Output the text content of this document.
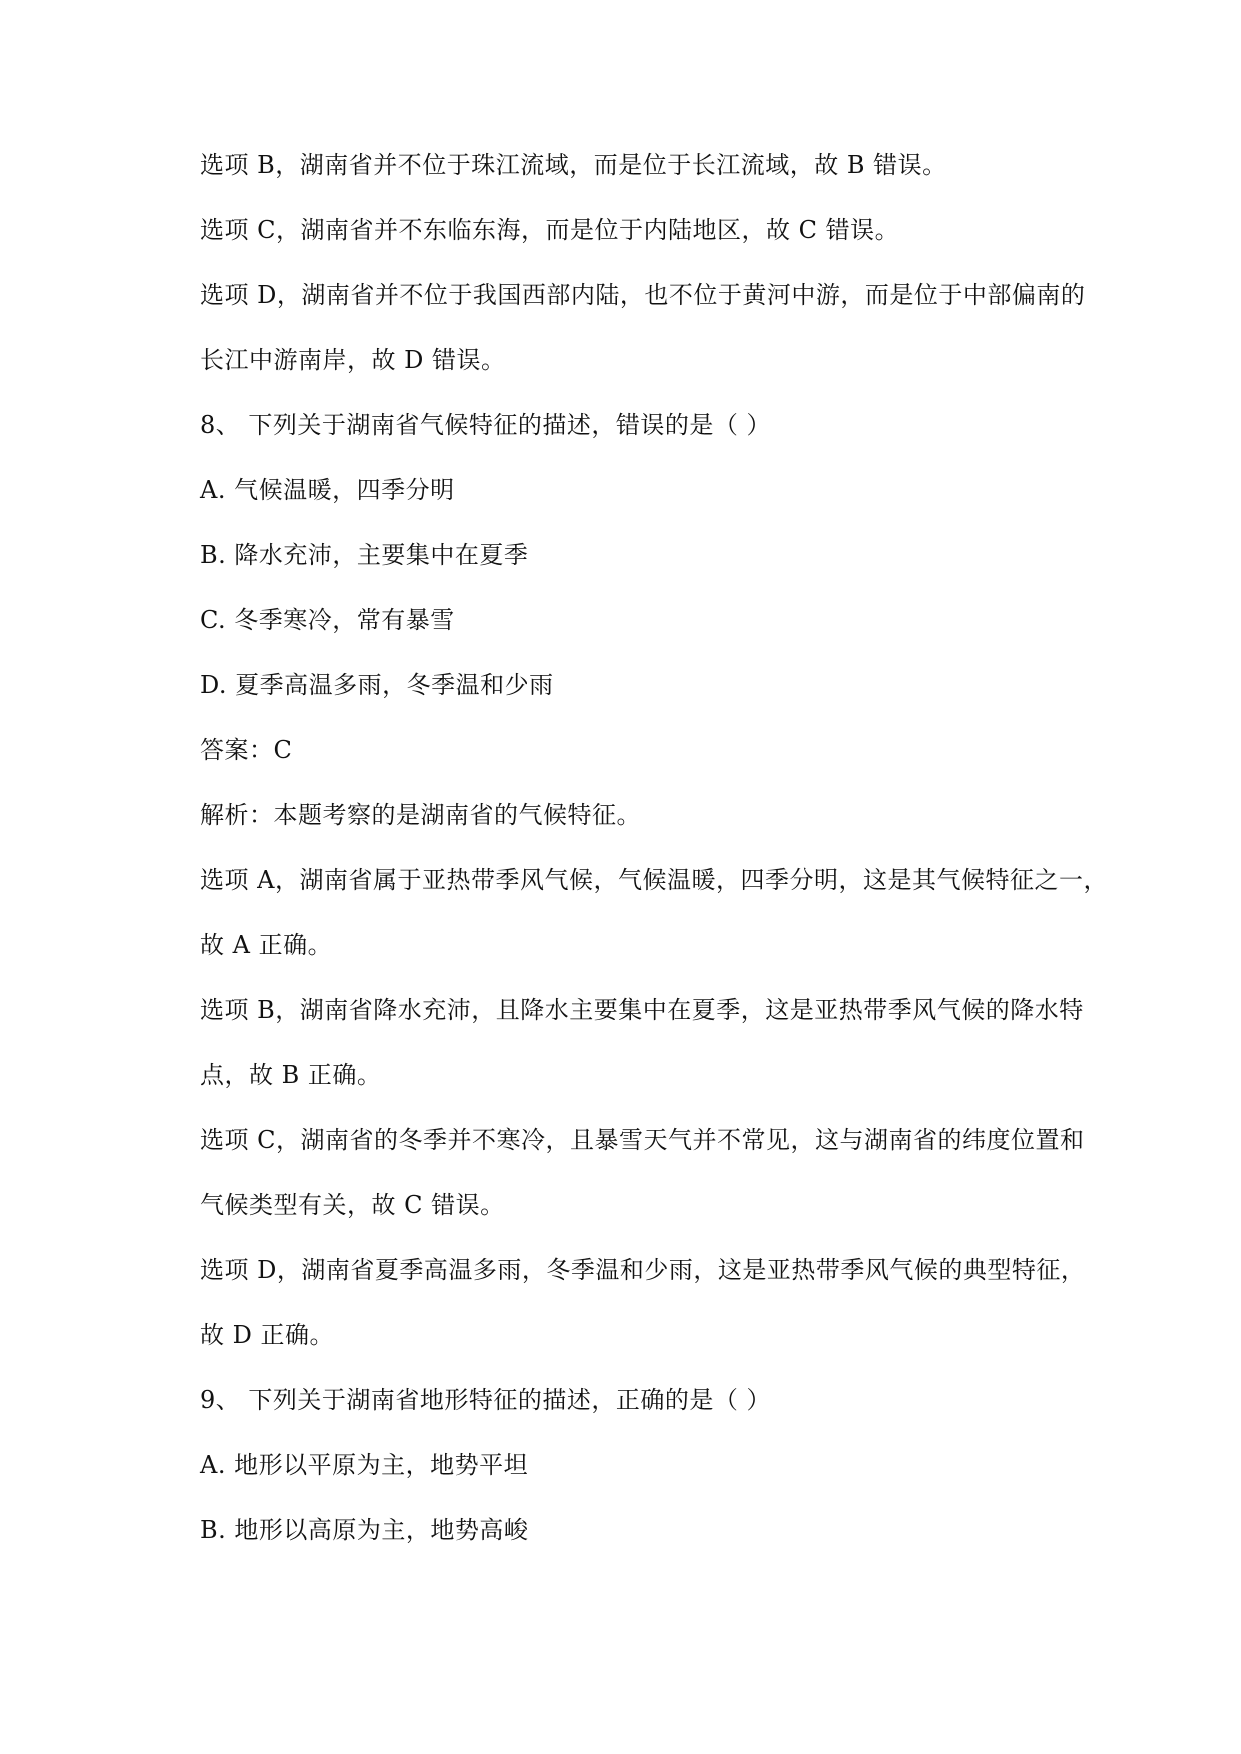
选项 B，湖南省并不位于珠江流域，而是位于长江流域，故 B 错误。
选项 C，湖南省并不东临东海，而是位于内陆地区，故 C 错误。
选项 D，湖南省并不位于我国西部内陆，也不位于黄河中游，而是位于中部偏南的
长江中游南岸，故 D 错误。
8、 下列关于湖南省气候特征的描述，错误的是（ ）
A. 气候温暖，四季分明
B. 降水充沛，主要集中在夏季
C. 冬季寒冷，常有暴雪
D. 夏季高温多雨，冬季温和少雨
答案：C
解析：本题考察的是湖南省的气候特征。
选项 A，湖南省属于亚热带季风气候，气候温暖，四季分明，这是其气候特征之一，
故 A 正确。
选项 B，湖南省降水充沛，且降水主要集中在夏季，这是亚热带季风气候的降水特
点，故 B 正确。
选项 C，湖南省的冬季并不寒冷，且暴雪天气并不常见，这与湖南省的纬度位置和
气候类型有关，故 C 错误。
选项 D，湖南省夏季高温多雨，冬季温和少雨，这是亚热带季风气候的典型特征，
故 D 正确。
9、 下列关于湖南省地形特征的描述，正确的是（ ）
A. 地形以平原为主，地势平坦
B. 地形以高原为主，地势高峻
